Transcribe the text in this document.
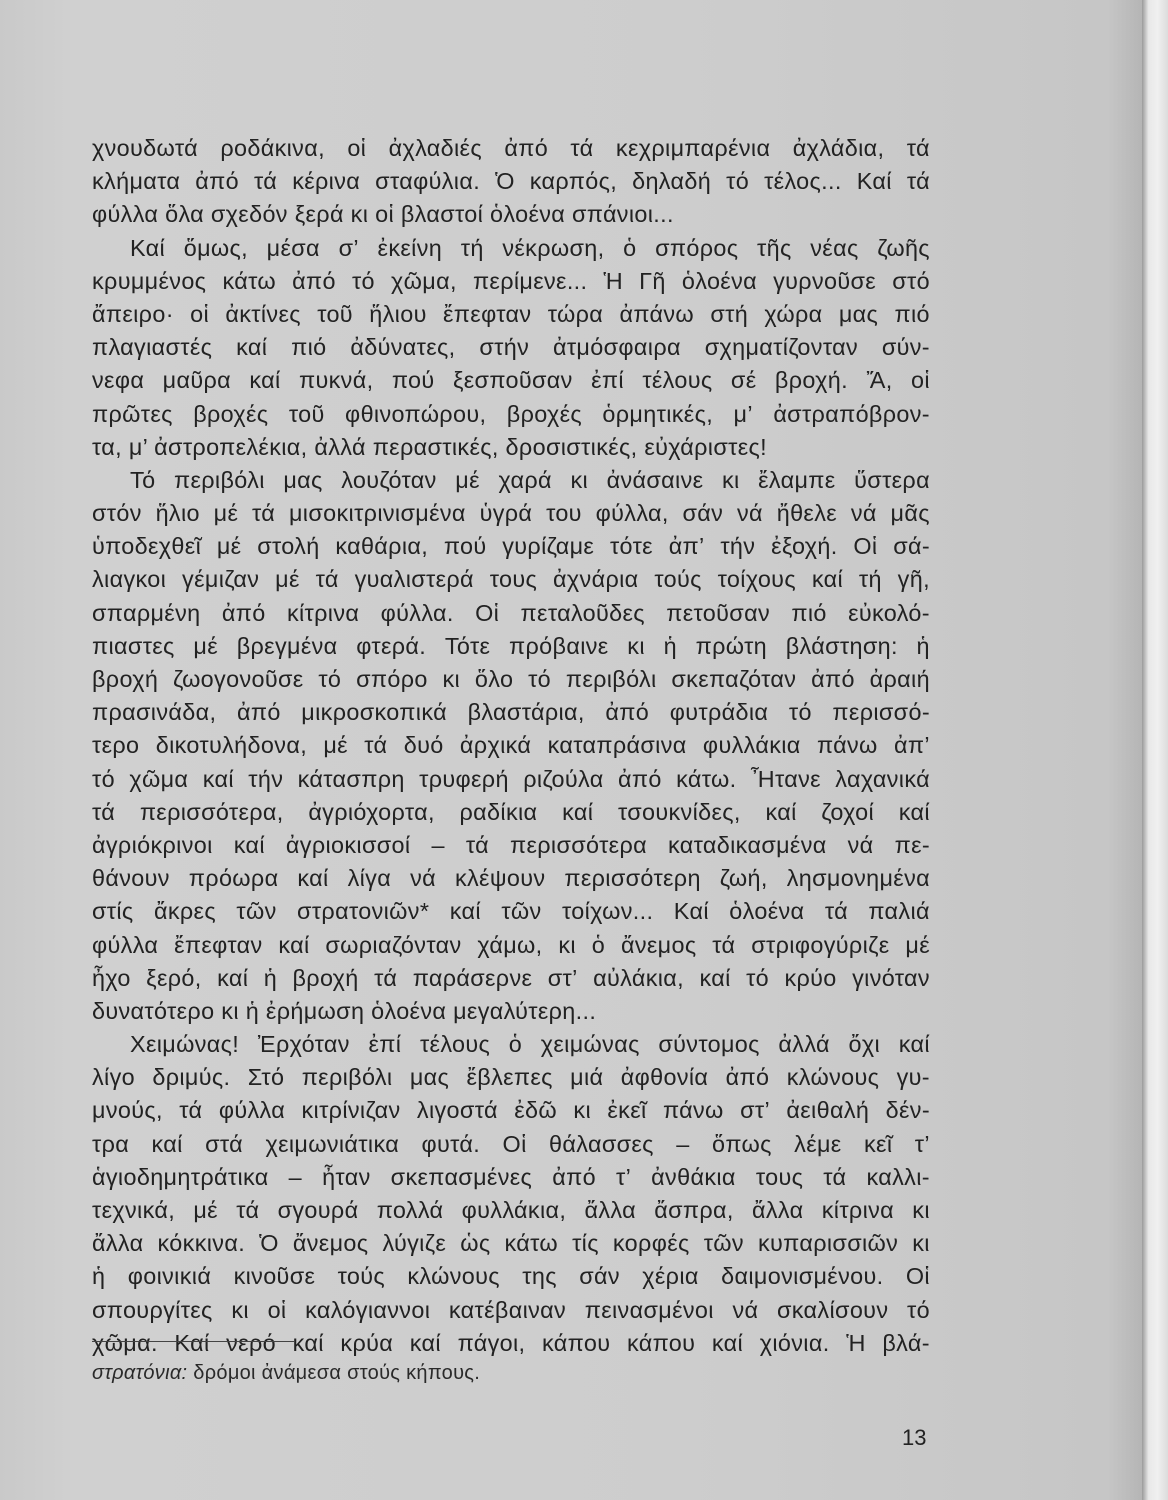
χνουδωτά ροδάκινα, οἱ ἀχλαδιές ἀπό τά κεχριμπαρένια ἀχλάδια, τά
κλήματα ἀπό τά κέρινα σταφύλια. Ὁ καρπός, δηλαδή τό τέλος... Καί τά
φύλλα ὅλα σχεδόν ξερά κι οἱ βλαστοί ὁλοένα σπάνιοι...
Καί ὅμως, μέσα σ’ ἐκείνη τή νέκρωση, ὁ σπόρος τῆς νέας ζωῆς
κρυμμένος κάτω ἀπό τό χῶμα, περίμενε... Ἡ Γῆ ὁλοένα γυρνοῦσε στό
ἄπειρο· οἱ ἀκτίνες τοῦ ἥλιου ἔπεφταν τώρα ἀπάνω στή χώρα μας πιό
πλαγιαστές καί πιό ἀδύνατες, στήν ἀτμόσφαιρα σχηματίζονταν σύν-
νεφα μαῦρα καί πυκνά, πού ξεσποῦσαν ἐπί τέλους σέ βροχή. Ἄ, οἱ
πρῶτες βροχές τοῦ φθινοπώρου, βροχές ὁρμητικές, μ’ ἀστραπόβρον-
τα, μ’ ἀστροπελέκια, ἀλλά περαστικές, δροσιστικές, εὐχάριστες!
Τό περιβόλι μας λουζόταν μέ χαρά κι ἀνάσαινε κι ἔλαμπε ὕστερα
στόν ἥλιο μέ τά μισοκιτρινισμένα ὑγρά του φύλλα, σάν νά ἤθελε νά μᾶς
ὑποδεχθεῖ μέ στολή καθάρια, πού γυρίζαμε τότε ἀπ’ τήν ἐξοχή. Οἱ σά-
λιαγκοι γέμιζαν μέ τά γυαλιστερά τους ἀχνάρια τούς τοίχους καί τή γῆ,
σπαρμένη ἀπό κίτρινα φύλλα. Οἱ πεταλοῦδες πετοῦσαν πιό εὐκολό-
πιαστες μέ βρεγμένα φτερά. Τότε πρόβαινε κι ἡ πρώτη βλάστηση: ἡ
βροχή ζωογονοῦσε τό σπόρο κι ὅλο τό περιβόλι σκεπαζόταν ἀπό ἀραιή
πρασινάδα, ἀπό μικροσκοπικά βλαστάρια, ἀπό φυτράδια τό περισσό-
τερο δικοτυλήδονα, μέ τά δυό ἀρχικά καταπράσινα φυλλάκια πάνω ἀπ’
τό χῶμα καί τήν κάτασπρη τρυφερή ριζούλα ἀπό κάτω. Ἦτανε λαχανικά
τά περισσότερα, ἀγριόχορτα, ραδίκια καί τσουκνίδες, καί ζοχοί καί
ἀγριόκρινοι καί ἀγριοκισσοί – τά περισσότερα καταδικασμένα νά πε-
θάνουν πρόωρα καί λίγα νά κλέψουν περισσότερη ζωή, λησμονημένα
στίς ἄκρες τῶν στρατονιῶν* καί τῶν τοίχων... Καί ὁλοένα τά παλιά
φύλλα ἔπεφταν καί σωριαζόνταν χάμω, κι ὁ ἄνεμος τά στριφογύριζε μέ
ἦχο ξερό, καί ἡ βροχή τά παράσερνε στ’ αὐλάκια, καί τό κρύο γινόταν
δυνατότερο κι ἡ ἐρήμωση ὁλοένα μεγαλύτερη...
Χειμώνας! Ἐρχόταν ἐπί τέλους ὁ χειμώνας σύντομος ἀλλά ὄχι καί
λίγο δριμύς. Στό περιβόλι μας ἔβλεπες μιά ἀφθονία ἀπό κλώνους γυ-
μνούς, τά φύλλα κιτρίνιζαν λιγοστά ἐδῶ κι ἐκεῖ πάνω στ’ ἀειθαλή δέν-
τρα καί στά χειμωνιάτικα φυτά. Οἱ θάλασσες – ὅπως λέμε κεῖ τ’
ἁγιοδημητράτικα – ἦταν σκεπασμένες ἀπό τ’ ἀνθάκια τους τά καλλι-
τεχνικά, μέ τά σγουρά πολλά φυλλάκια, ἄλλα ἄσπρα, ἄλλα κίτρινα κι
ἄλλα κόκκινα. Ὁ ἄνεμος λύγιζε ὡς κάτω τίς κορφές τῶν κυπαρισσιῶν κι
ἡ φοινικιά κινοῦσε τούς κλώνους της σάν χέρια δαιμονισμένου. Οἱ
σπουργίτες κι οἱ καλόγιαννοι κατέβαιναν πεινασμένοι νά σκαλίσουν τό
χῶμα. Καί νερό καί κρύα καί πάγοι, κάπου κάπου καί χιόνια. Ἡ βλά-
στρατόνια: δρόμοι ἀνάμεσα στούς κήπους.
13
